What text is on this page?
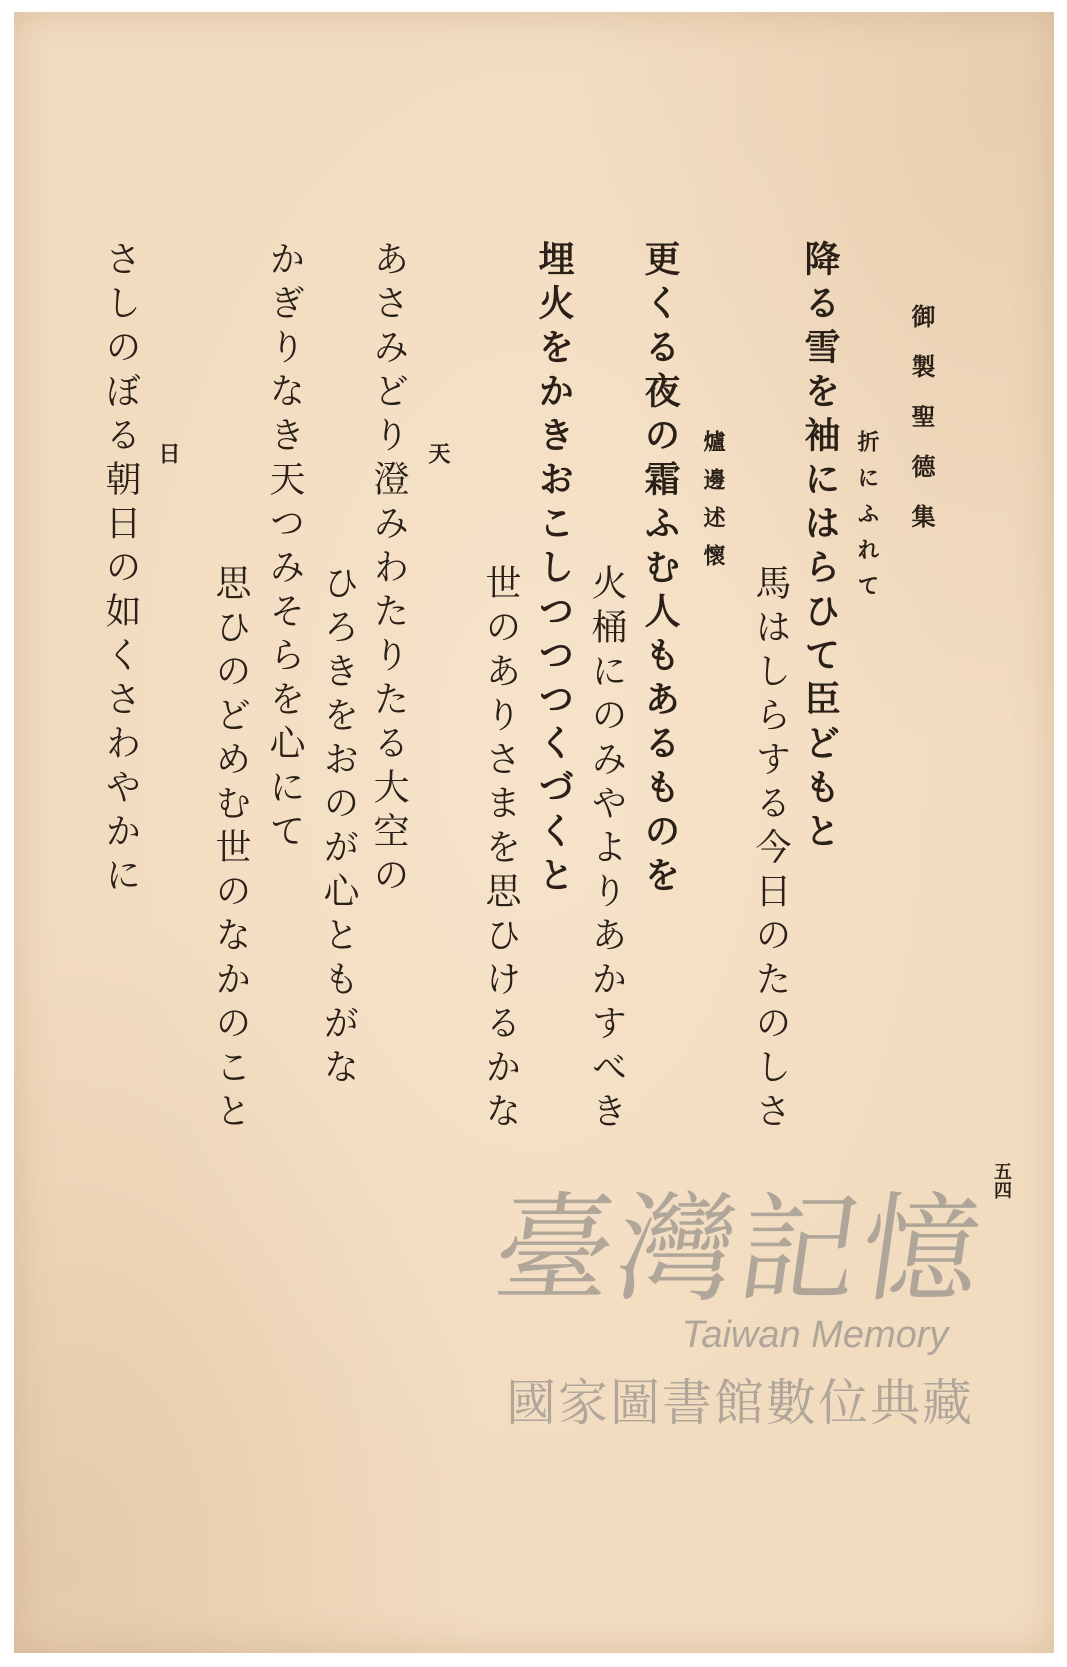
御製聖德集
折にふれて
降る雪を袖にはらひて臣どもと
馬はしらする今日のたのしさ
爐邊述懷
更くる夜の霜ふむ人もあるものを
火桶にのみやよりあかすべき
埋火をかきおこしつつつくづくと
世のありさまを思ひけるかな
天
あさみどり澄みわたりたる大空の
ひろきをおのが心ともがな
かぎりなき天つみそらを心にて
思ひのどめむ世のなかのこと
日
さしのぼる朝日の如くさわやかに
五四
臺灣記憶
Taiwan Memory
國家圖書館數位典藏
